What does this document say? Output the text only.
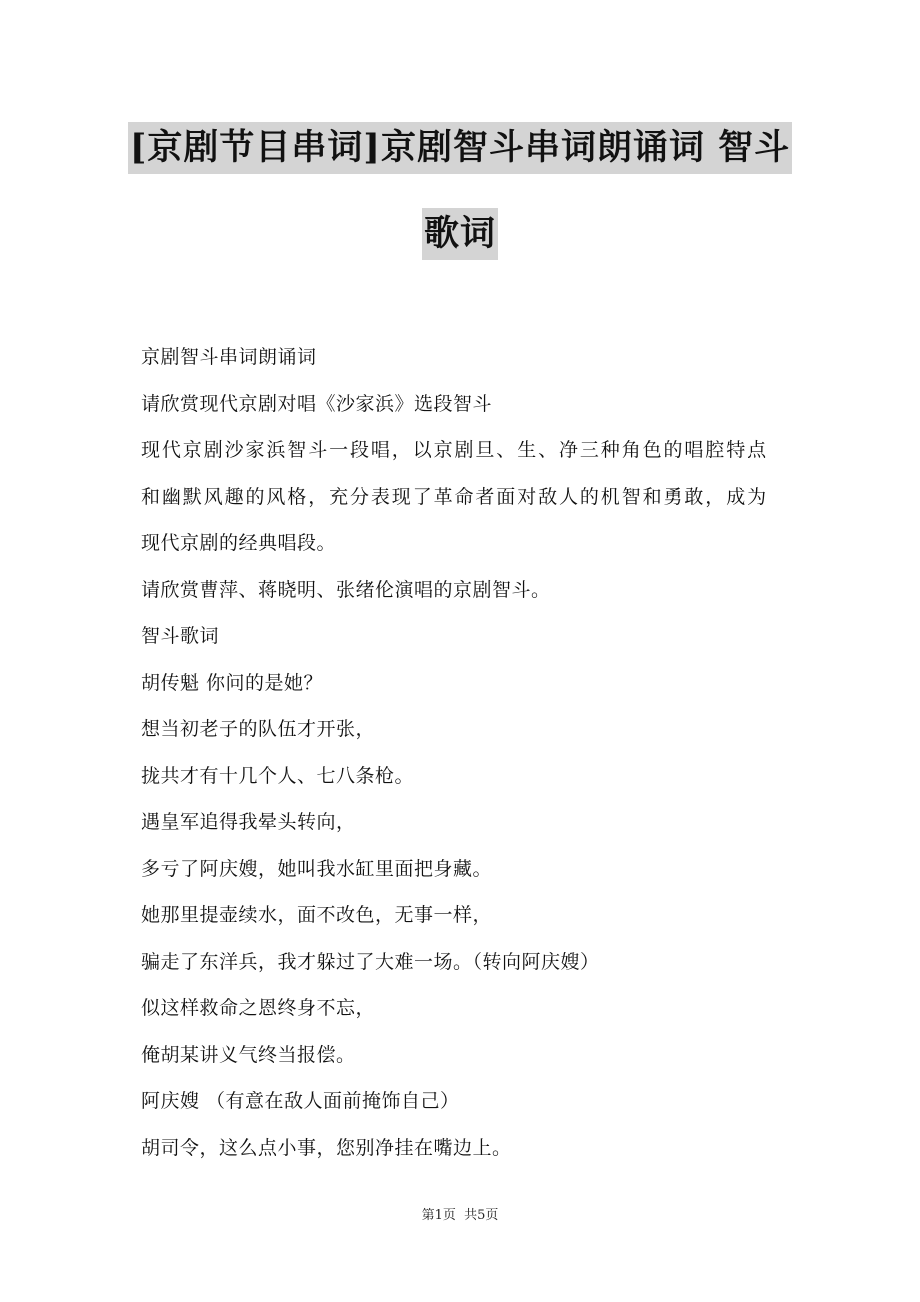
[京剧节目串词]京剧智斗串词朗诵词 智斗
歌词

京剧智斗串词朗诵词

请欣赏现代京剧对唱《沙家浜》选段智斗

现代京剧沙家浜智斗一段唱，以京剧旦、生、净三种角色的唱腔特点

和幽默风趣的风格，充分表现了革命者面对敌人的机智和勇敢，成为

现代京剧的经典唱段。

请欣赏曹萍、蒋晓明、张绪伦演唱的京剧智斗。

智斗歌词

胡传魁 你问的是她？

想当初老子的队伍才开张，

拢共才有十几个人、七八条枪。

遇皇军追得我晕头转向，

多亏了阿庆嫂，她叫我水缸里面把身藏。

她那里提壶续水，面不改色，无事一样，

骗走了东洋兵，我才躲过了大难一场。（转向阿庆嫂）

似这样救命之恩终身不忘，

俺胡某讲义气终当报偿。

阿庆嫂 （有意在敌人面前掩饰自己）

胡司令，这么点小事，您别净挂在嘴边上。

第1页 共5页
